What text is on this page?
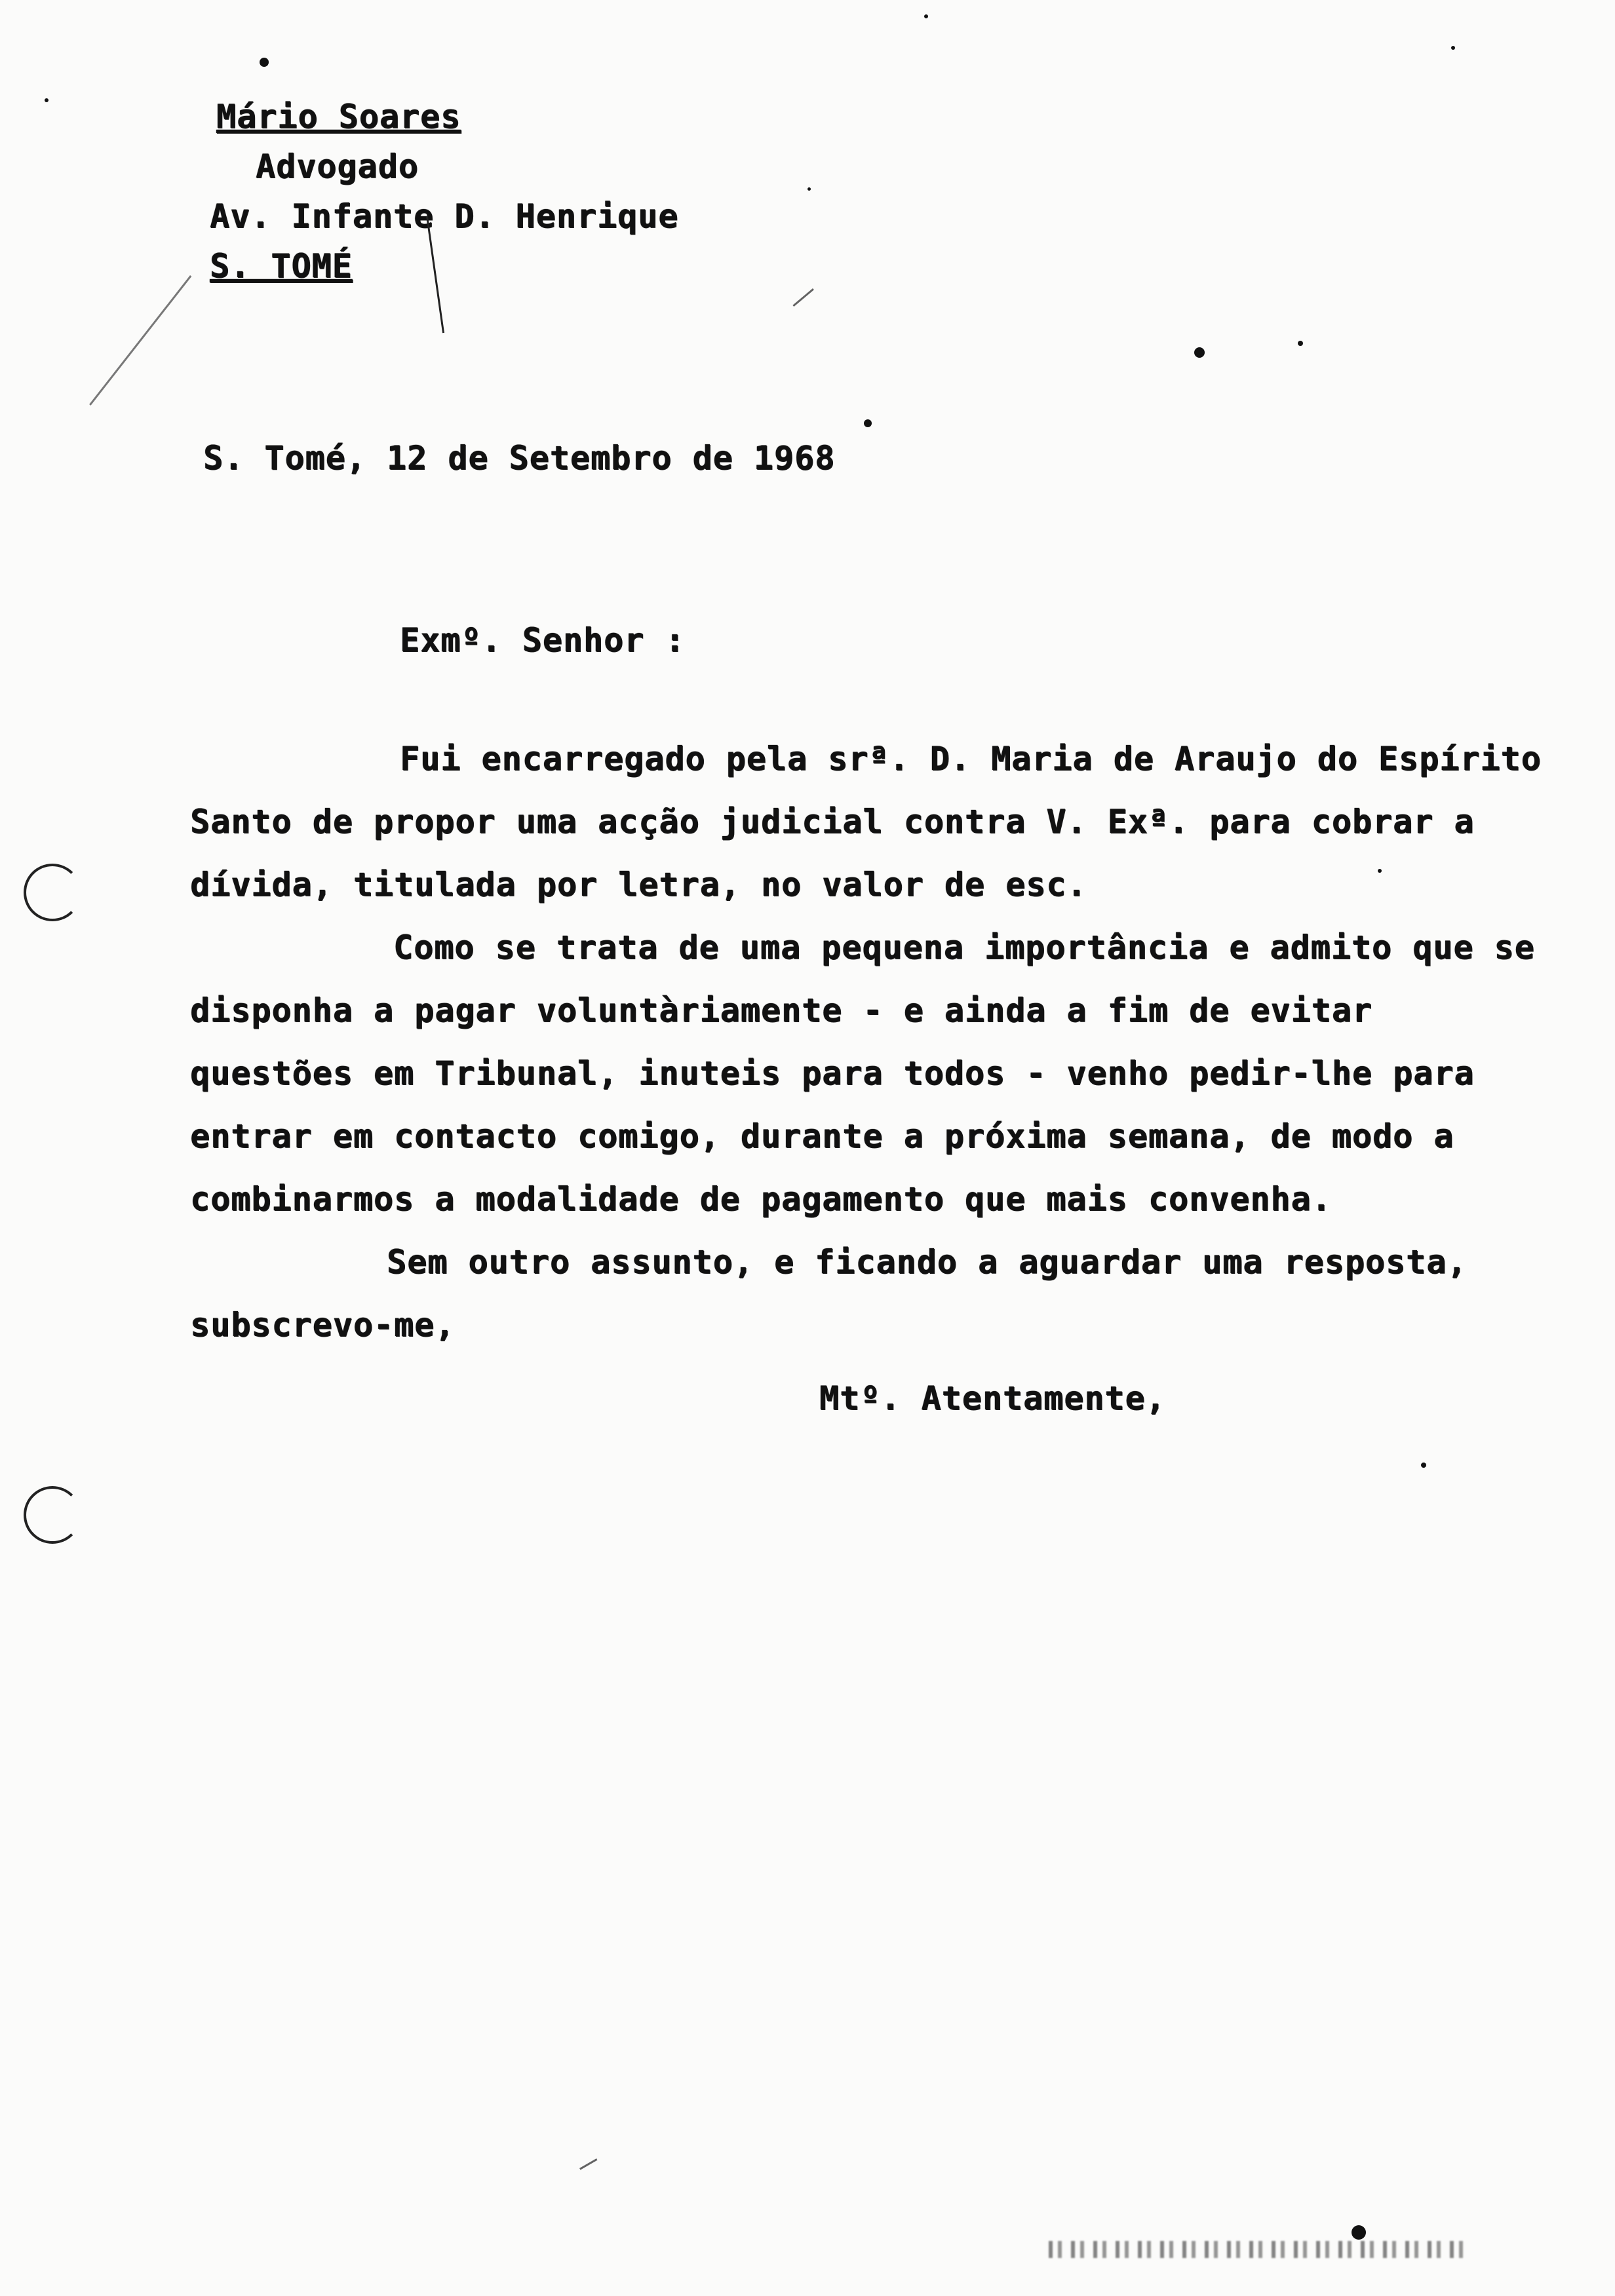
Mário Soares
Advogado
Av. Infante D. Henrique
S. TOMÉ
S. Tomé, 12 de Setembro de 1968
Exmº. Senhor :

Fui encarregado pela srª. D. Maria de Araujo do Espírito Santo de propor uma acção judicial contra V. Exª. para cobrar a dívida, titulada por letra, no valor de esc.

Como se trata de uma pequena importância e admito que se disponha a pagar voluntàriamente - e ainda a fim de evitar questões em Tribunal, inuteis para todos - venho pedir-lhe para entrar em contacto comigo, durante a próxima semana, de modo a combinarmos a modalidade de pagamento que mais convenha.

Sem outro assunto, e ficando a aguardar uma resposta, subscrevo-me,

Mtº. Atentamente,
